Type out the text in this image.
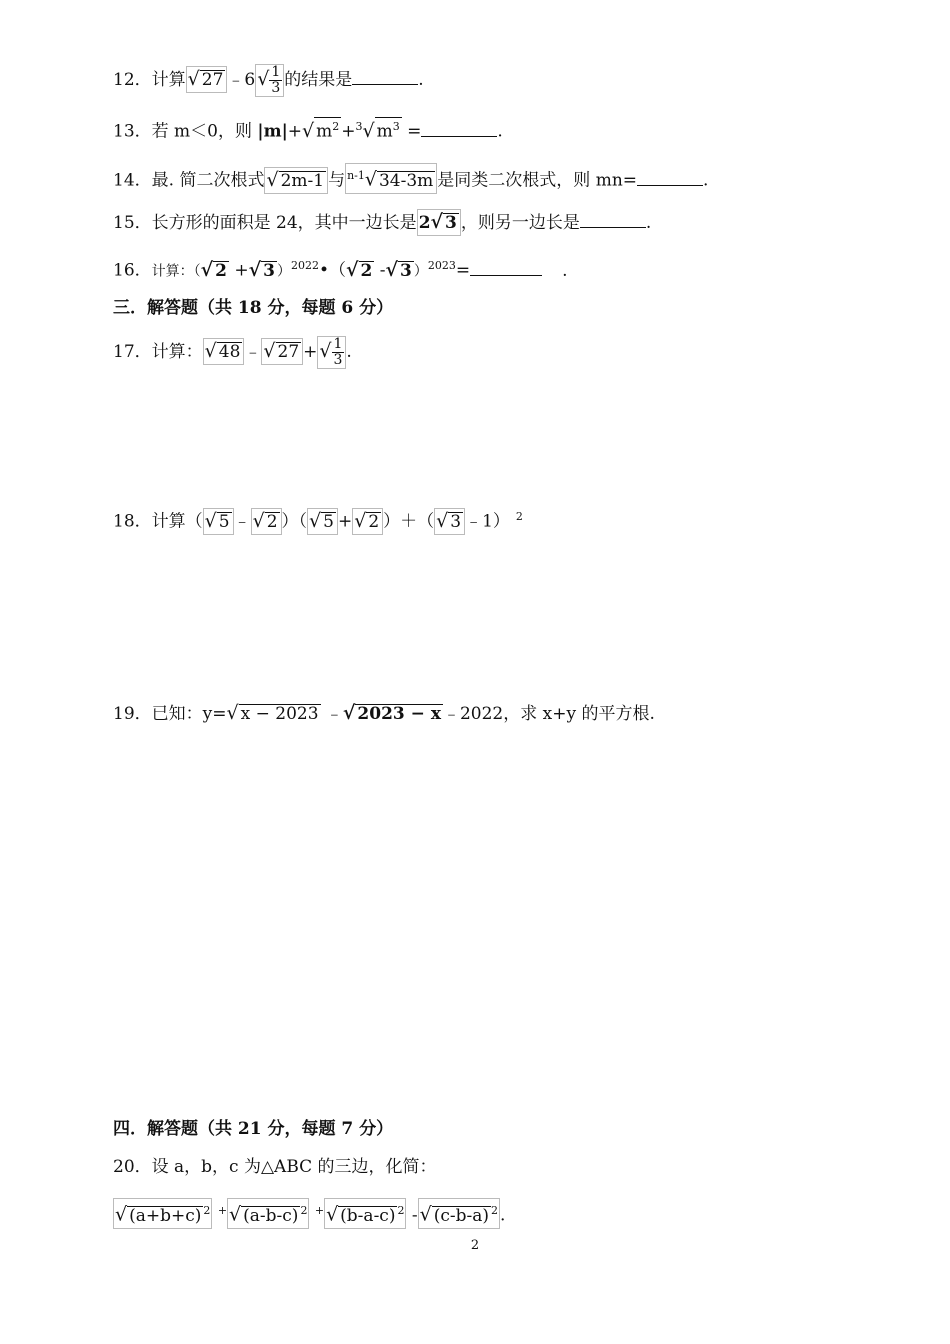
12．计算 √ 27 ﹣6 √ $\frac{1}{3}$ 的结果是	.
13．若 m＜0，则 |m|+√ $m^2 +^3√$ $m^3$ =	.
14．最. 简二次根式 √ 2m-1 与 $^{n-1}$√ 34-3m 是同类二次根式，则 mn=	.
15．长方形的面积是 24，其中一边长是 2√ 3 ，则另一边长是	.
16．计算：（√ 2 +√ 3 ）$^{2022}$•（√ 2 -√ 3 ）$^{2023}$=	.
三．解答题（共 18 分，每题 6 分）
17．计算： √ 48 ﹣ √ 27 + √ $\frac{1}{3}$ .
18．计算（ √ 5 ﹣ √ 2 ）（ √ 5 + √ 2 ）＋（ √ 3 ﹣1） $^2$
19．已知：y=√ x − 2023 ﹣√ 2023 − x ﹣2022，求 x+y 的平方根.
四．解答题（共 21 分，每题 7 分）
20．设 a，b，c 为△ABC 的三边，化简：
√ (a+b+c) $^2$ + √ (a-b-c) $^2$ + √ (b-a-c) $^2$ - √ (c-b-a) $^2$ .
2
